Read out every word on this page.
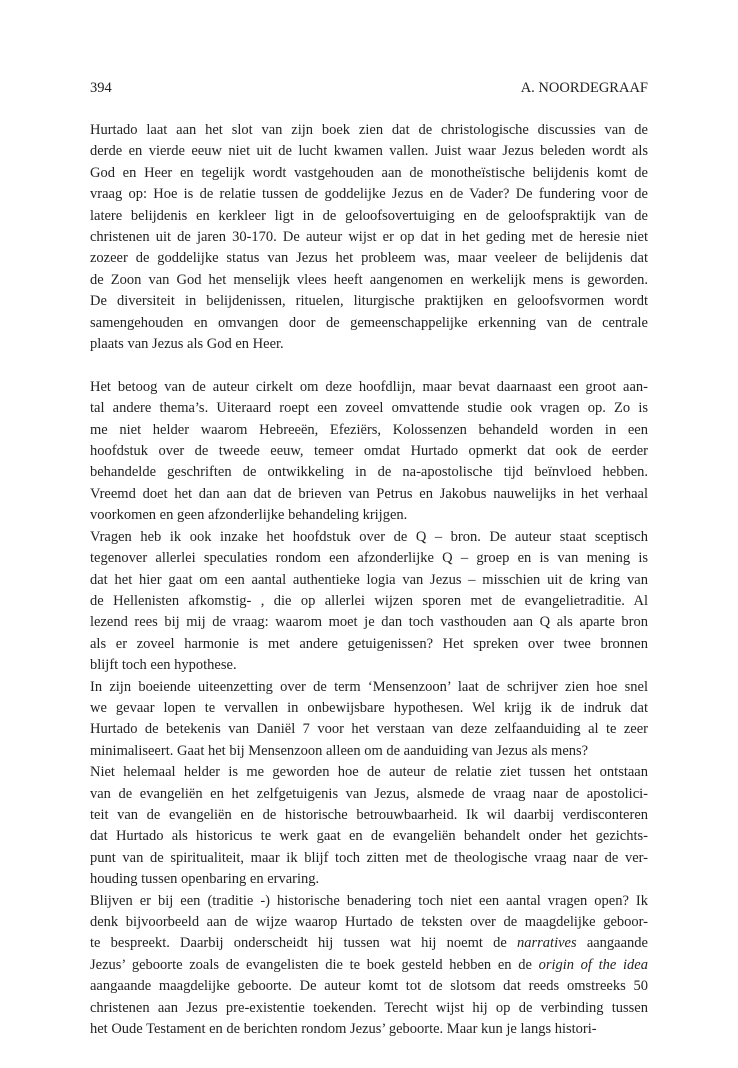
394	A. NOORDEGRAAF

Hurtado laat aan het slot van zijn boek zien dat de christologische discussies van de
derde en vierde eeuw niet uit de lucht kwamen vallen. Juist waar Jezus beleden wordt als
God en Heer en tegelijk wordt vastgehouden aan de monotheïstische belijdenis komt de
vraag op: Hoe is de relatie tussen de goddelijke Jezus en de Vader? De fundering voor de
latere belijdenis en kerkleer ligt in de geloofsovertuiging en de geloofspraktijk van de
christenen uit de jaren 30-170. De auteur wijst er op dat in het geding met de heresie niet
zozeer de goddelijke status van Jezus het probleem was, maar veeleer de belijdenis dat
de Zoon van God het menselijk vlees heeft aangenomen en werkelijk mens is geworden.
De diversiteit in belijdenissen, rituelen, liturgische praktijken en geloofsvormen wordt
samengehouden en omvangen door de gemeenschappelijke erkenning van de centrale
plaats van Jezus als God en Heer.

Het betoog van de auteur cirkelt om deze hoofdlijn, maar bevat daarnaast een groot aan-
tal andere thema’s. Uiteraard roept een zoveel omvattende studie ook vragen op. Zo is
me niet helder waarom Hebreeën, Efeziërs, Kolossenzen behandeld worden in een
hoofdstuk over de tweede eeuw, temeer omdat Hurtado opmerkt dat ook de eerder
behandelde geschriften de ontwikkeling in de na-apostolische tijd beïnvloed hebben.
Vreemd doet het dan aan dat de brieven van Petrus en Jakobus nauwelijks in het verhaal
voorkomen en geen afzonderlijke behandeling krijgen.

Vragen heb ik ook inzake het hoofdstuk over de Q – bron. De auteur staat sceptisch
tegenover allerlei speculaties rondom een afzonderlijke Q – groep en is van mening is
dat het hier gaat om een aantal authentieke logia van Jezus – misschien uit de kring van
de Hellenisten afkomstig- , die op allerlei wijzen sporen met de evangelietraditie. Al
lezend rees bij mij de vraag: waarom moet je dan toch vasthouden aan Q als aparte bron
als er zoveel harmonie is met andere getuigenissen? Het spreken over twee bronnen
blijft toch een hypothese.

In zijn boeiende uiteenzetting over de term ‘Mensenzoon’ laat de schrijver zien hoe snel
we gevaar lopen te vervallen in onbewijsbare hypothesen. Wel krijg ik de indruk dat
Hurtado de betekenis van Daniël 7 voor het verstaan van deze zelfaanduiding al te zeer
minimaliseert. Gaat het bij Mensenzoon alleen om de aanduiding van Jezus als mens?

Niet helemaal helder is me geworden hoe de auteur de relatie ziet tussen het ontstaan
van de evangeliën en het zelfgetuigenis van Jezus, alsmede de vraag naar de apostolici-
teit van de evangeliën en de historische betrouwbaarheid. Ik wil daarbij verdisconteren
dat Hurtado als historicus te werk gaat en de evangeliën behandelt onder het gezichts-
punt van de spiritualiteit, maar ik blijf toch zitten met de theologische vraag naar de ver-
houding tussen openbaring en ervaring.

Blijven er bij een (traditie -) historische benadering toch niet een aantal vragen open? Ik
denk bijvoorbeeld aan de wijze waarop Hurtado de teksten over de maagdelijke geboor-
te bespreekt. Daarbij onderscheidt hij tussen wat hij noemt de narratives aangaande
Jezus’ geboorte zoals de evangelisten die te boek gesteld hebben en de origin of the idea
aangaande maagdelijke geboorte. De auteur komt tot de slotsom dat reeds omstreeks 50
christenen aan Jezus pre-existentie toekenden. Terecht wijst hij op de verbinding tussen
het Oude Testament en de berichten rondom Jezus’ geboorte. Maar kun je langs histori-
